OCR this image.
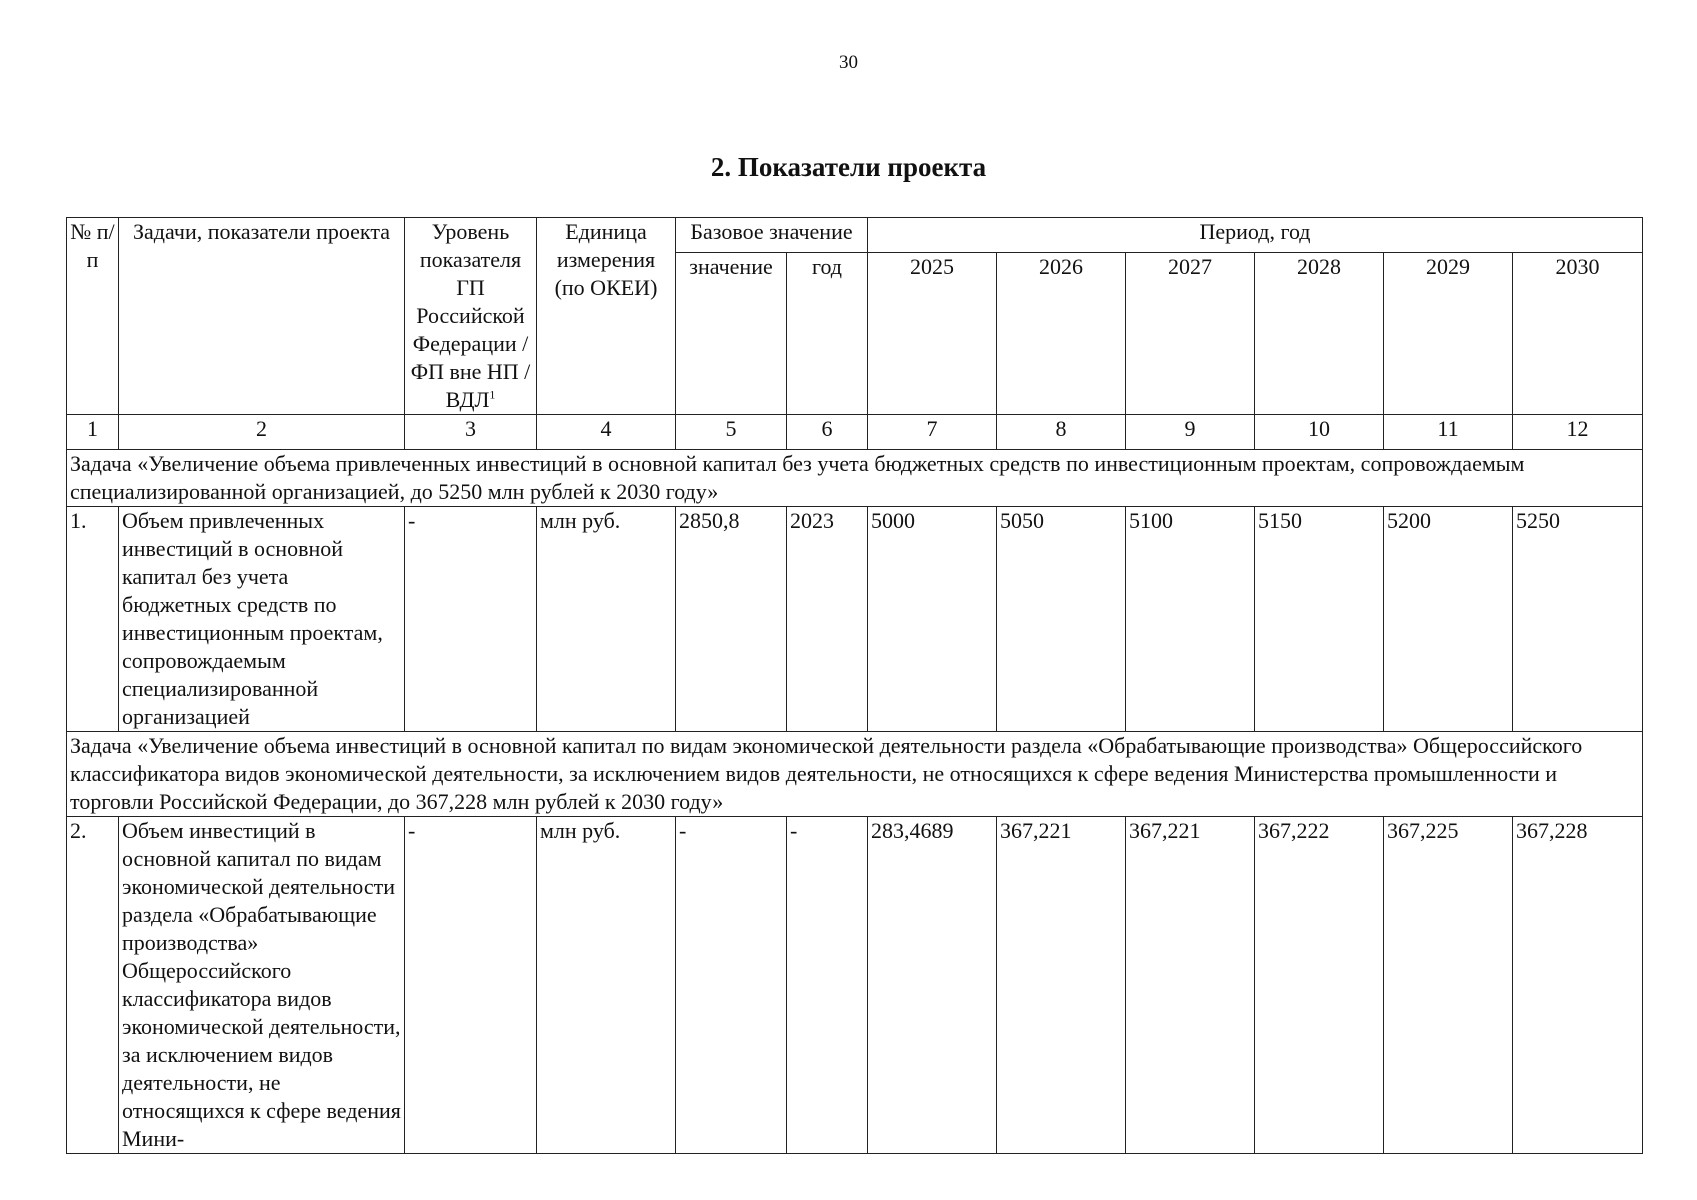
30
2. Показатели проекта
№ п/п	Задачи, показатели проекта	Уровень показателя ГП Российской Федерации / ФП вне НП / ВДЛ$^1$	Единица измерения (по ОКЕИ)	Базовое значение		Период, год					
				значение	год	2025	2026	2027	2028	2029	2030
1	2	3	4	5	6	7	8	9	10	11	12
Задача «Увеличение объема привлеченных инвестиций в основной капитал без учета бюджетных средств по инвестиционным проектам, сопровождаемым специализированной организацией, до 5250 млн рублей к 2030 году»											
1.	Объем привлеченных инвестиций в основной капитал без учета бюджетных средств по инвестиционным проектам, сопровождаемым специализированной организацией	-	млн руб.	2850,8	2023	5000	5050	5100	5150	5200	5250
Задача «Увеличение объема инвестиций в основной капитал по видам экономической деятельности раздела «Обрабатывающие производства» Общероссийского классификатора видов экономической деятельности, за исключением видов деятельности, не относящихся к сфере ведения Министерства промышленности и торговли Российской Федерации, до 367,228 млн рублей к 2030 году»											
2.	Объем инвестиций в основной капитал по видам экономической деятельности раздела «Обрабатывающие производства» Общероссийского классификатора видов экономической деятельности, за исключением видов деятельности, не относящихся к сфере ведения Мини-	-	млн руб.	-	-	283,4689	367,221	367,221	367,222	367,225	367,228
